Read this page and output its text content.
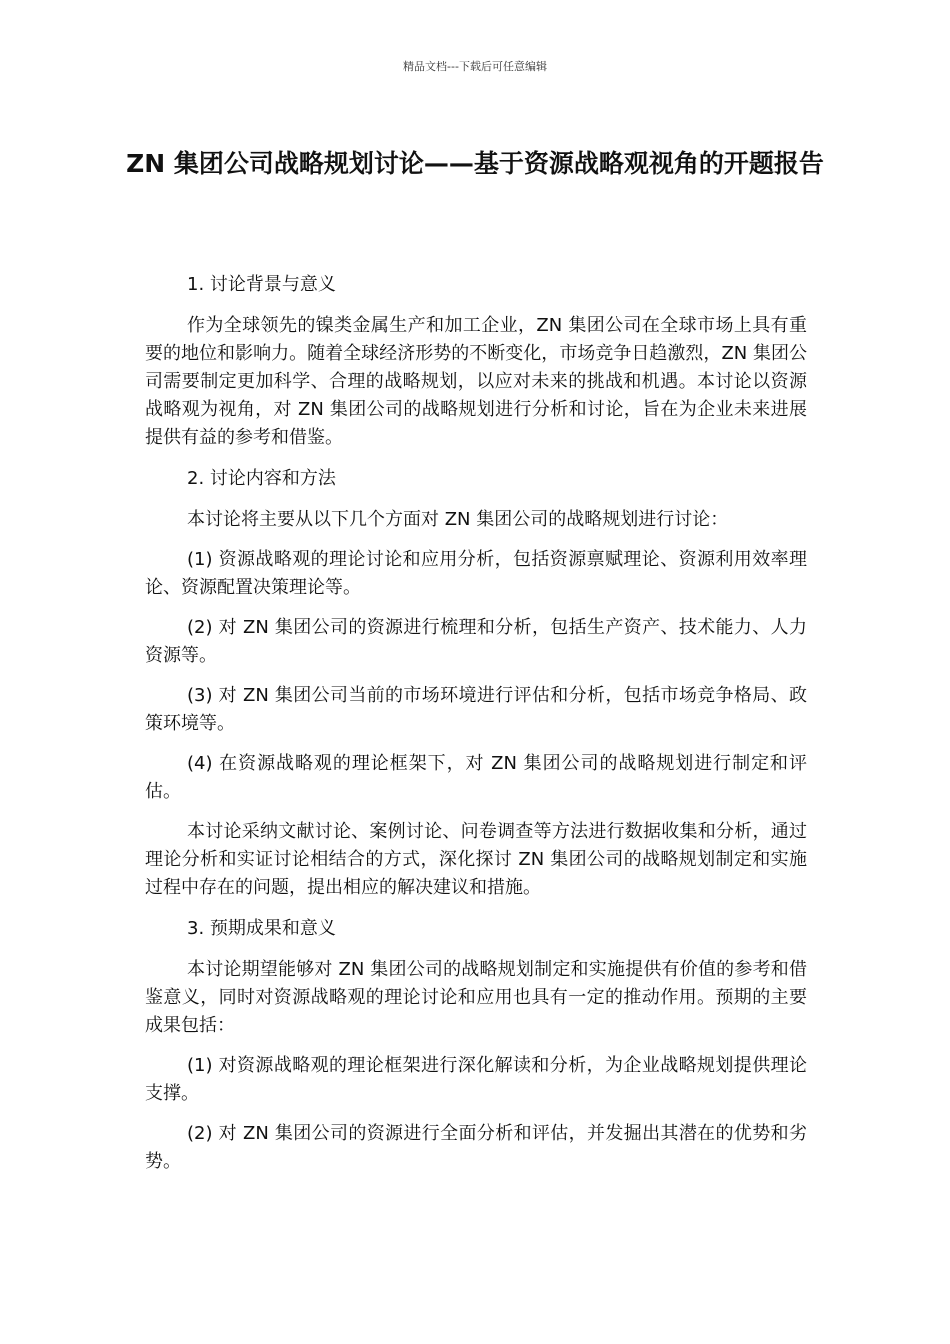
精品文档---下载后可任意编辑
ZN 集团公司战略规划讨论——基于资源战略观视角的开题报告

1. 讨论背景与意义

作为全球领先的镍类金属生产和加工企业，ZN 集团公司在全球市场上具有重要的地位和影响力。随着全球经济形势的不断变化，市场竞争日趋激烈，ZN 集团公司需要制定更加科学、合理的战略规划，以应对未来的挑战和机遇。本讨论以资源战略观为视角，对 ZN 集团公司的战略规划进行分析和讨论，旨在为企业未来进展提供有益的参考和借鉴。

2. 讨论内容和方法

本讨论将主要从以下几个方面对 ZN 集团公司的战略规划进行讨论：

(1) 资源战略观的理论讨论和应用分析，包括资源禀赋理论、资源利用效率理论、资源配置决策理论等。

(2) 对 ZN 集团公司的资源进行梳理和分析，包括生产资产、技术能力、人力资源等。

(3) 对 ZN 集团公司当前的市场环境进行评估和分析，包括市场竞争格局、政策环境等。

(4) 在资源战略观的理论框架下，对 ZN 集团公司的战略规划进行制定和评估。

本讨论采纳文献讨论、案例讨论、问卷调查等方法进行数据收集和分析，通过理论分析和实证讨论相结合的方式，深化探讨 ZN 集团公司的战略规划制定和实施过程中存在的问题，提出相应的解决建议和措施。

3. 预期成果和意义

本讨论期望能够对 ZN 集团公司的战略规划制定和实施提供有价值的参考和借鉴意义，同时对资源战略观的理论讨论和应用也具有一定的推动作用。预期的主要成果包括：

(1) 对资源战略观的理论框架进行深化解读和分析，为企业战略规划提供理论支撑。

(2) 对 ZN 集团公司的资源进行全面分析和评估，并发掘出其潜在的优势和劣势。
